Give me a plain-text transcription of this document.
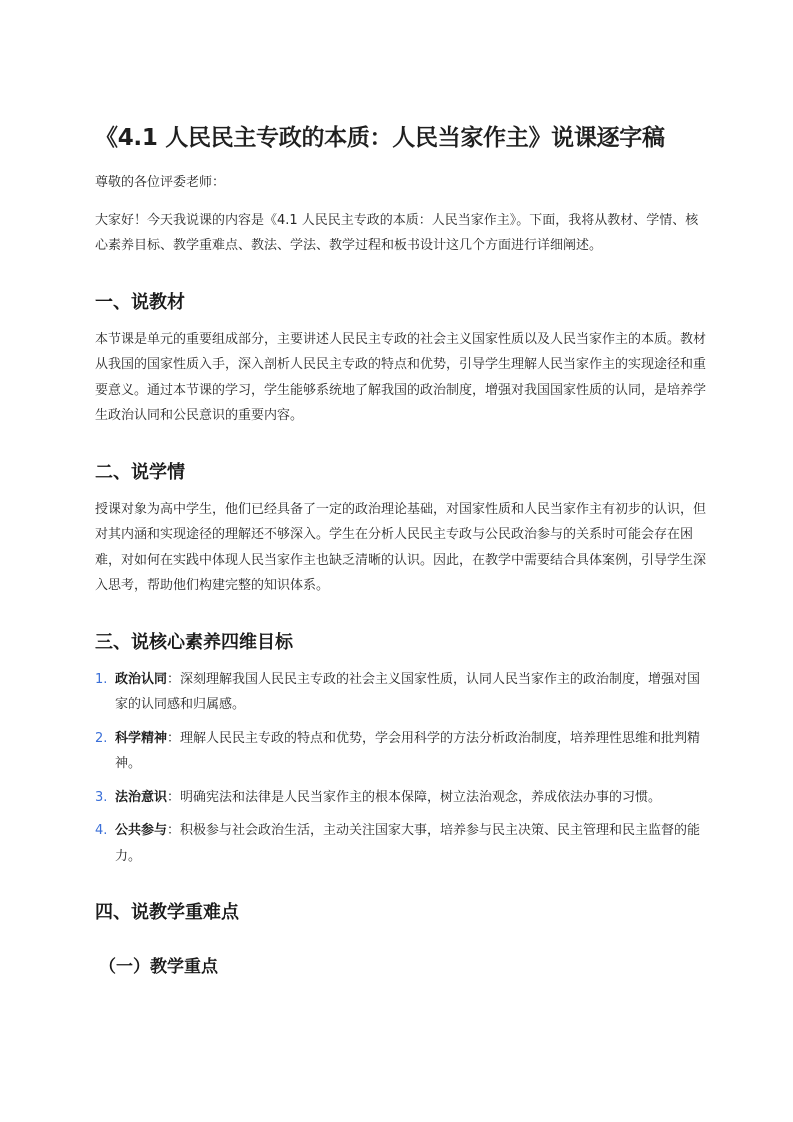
《4.1 人民民主专政的本质：人民当家作主》说课逐字稿

尊敬的各位评委老师：

大家好！今天我说课的内容是《4.1 人民民主专政的本质：人民当家作主》。下面，我将从教材、学情、核心素养目标、教学重难点、教法、学法、教学过程和板书设计这几个方面进行详细阐述。

一、说教材

本节课是单元的重要组成部分，主要讲述人民民主专政的社会主义国家性质以及人民当家作主的本质。教材从我国的国家性质入手，深入剖析人民民主专政的特点和优势，引导学生理解人民当家作主的实现途径和重要意义。通过本节课的学习，学生能够系统地了解我国的政治制度，增强对我国国家性质的认同，是培养学生政治认同和公民意识的重要内容。

二、说学情

授课对象为高中学生，他们已经具备了一定的政治理论基础，对国家性质和人民当家作主有初步的认识，但对其内涵和实现途径的理解还不够深入。学生在分析人民民主专政与公民政治参与的关系时可能会存在困难，对如何在实践中体现人民当家作主也缺乏清晰的认识。因此，在教学中需要结合具体案例，引导学生深入思考，帮助他们构建完整的知识体系。

三、说核心素养四维目标
1. 政治认同：深刻理解我国人民民主专政的社会主义国家性质，认同人民当家作主的政治制度，增强对国家的认同感和归属感。
2. 科学精神：理解人民民主专政的特点和优势，学会用科学的方法分析政治制度，培养理性思维和批判精神。
3. 法治意识：明确宪法和法律是人民当家作主的根本保障，树立法治观念，养成依法办事的习惯。
4. 公共参与：积极参与社会政治生活，主动关注国家大事，培养参与民主决策、民主管理和民主监督的能力。
四、说教学重难点
（一）教学重点
